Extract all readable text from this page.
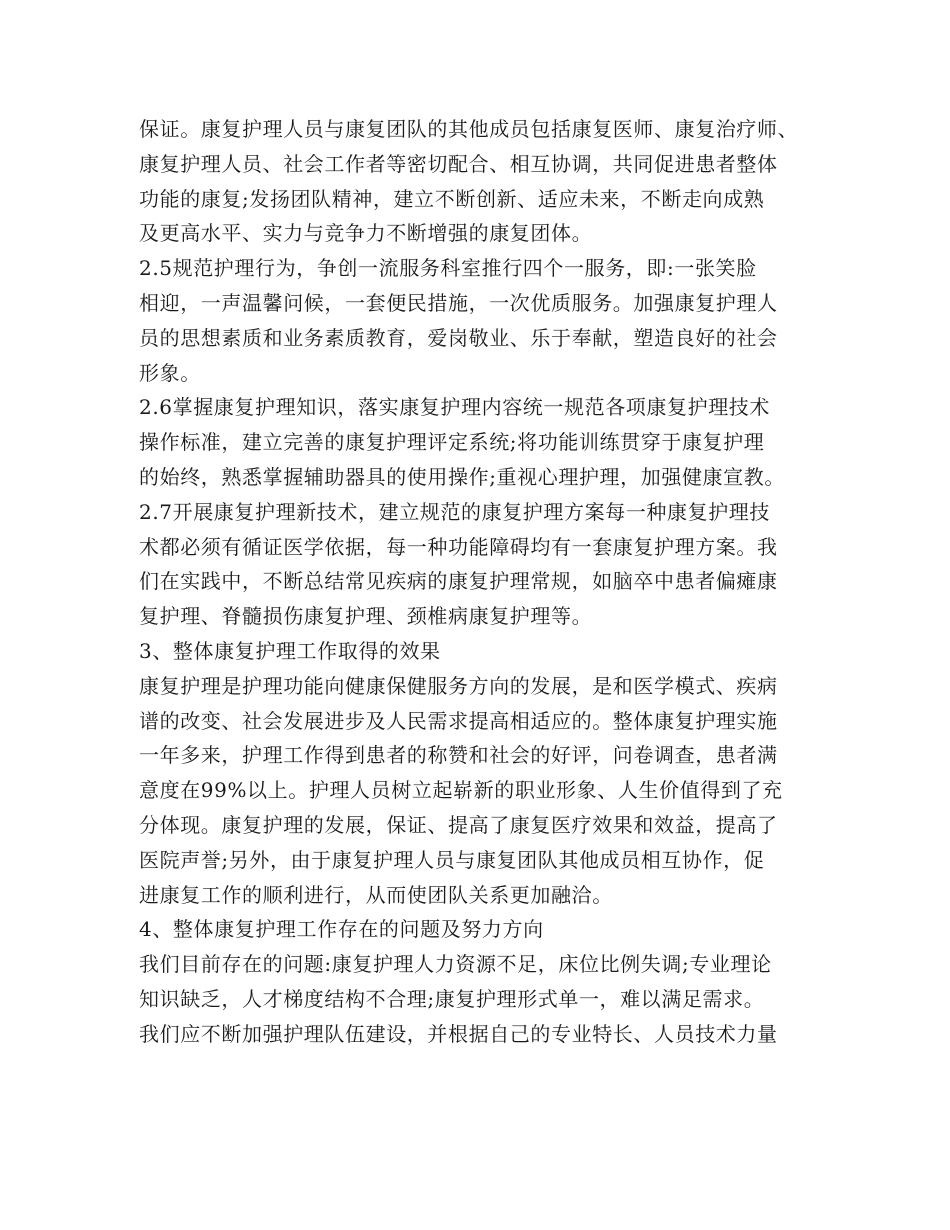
保证。康复护理人员与康复团队的其他成员包括康复医师、康复治疗师、
康复护理人员、社会工作者等密切配合、相互协调，共同促进患者整体
功能的康复;发扬团队精神，建立不断创新、适应未来，不断走向成熟
及更高水平、实力与竞争力不断增强的康复团体。
2.5规范护理行为，争创一流服务科室推行四个一服务，即:一张笑脸
相迎，一声温馨问候，一套便民措施，一次优质服务。加强康复护理人
员的思想素质和业务素质教育，爱岗敬业、乐于奉献，塑造良好的社会
形象。
2.6掌握康复护理知识，落实康复护理内容统一规范各项康复护理技术
操作标准，建立完善的康复护理评定系统;将功能训练贯穿于康复护理
的始终，熟悉掌握辅助器具的使用操作;重视心理护理，加强健康宣教。
2.7开展康复护理新技术，建立规范的康复护理方案每一种康复护理技
术都必须有循证医学依据，每一种功能障碍均有一套康复护理方案。我
们在实践中，不断总结常见疾病的康复护理常规，如脑卒中患者偏瘫康
复护理、脊髓损伤康复护理、颈椎病康复护理等。
3、整体康复护理工作取得的效果
康复护理是护理功能向健康保健服务方向的发展，是和医学模式、疾病
谱的改变、社会发展进步及人民需求提高相适应的。整体康复护理实施
一年多来，护理工作得到患者的称赞和社会的好评，问卷调查，患者满
意度在99%以上。护理人员树立起崭新的职业形象、人生价值得到了充
分体现。康复护理的发展，保证、提高了康复医疗效果和效益，提高了
医院声誉;另外，由于康复护理人员与康复团队其他成员相互协作，促
进康复工作的顺利进行，从而使团队关系更加融洽。
4、整体康复护理工作存在的问题及努力方向
我们目前存在的问题:康复护理人力资源不足，床位比例失调;专业理论
知识缺乏，人才梯度结构不合理;康复护理形式单一，难以满足需求。
我们应不断加强护理队伍建设，并根据自己的专业特长、人员技术力量
